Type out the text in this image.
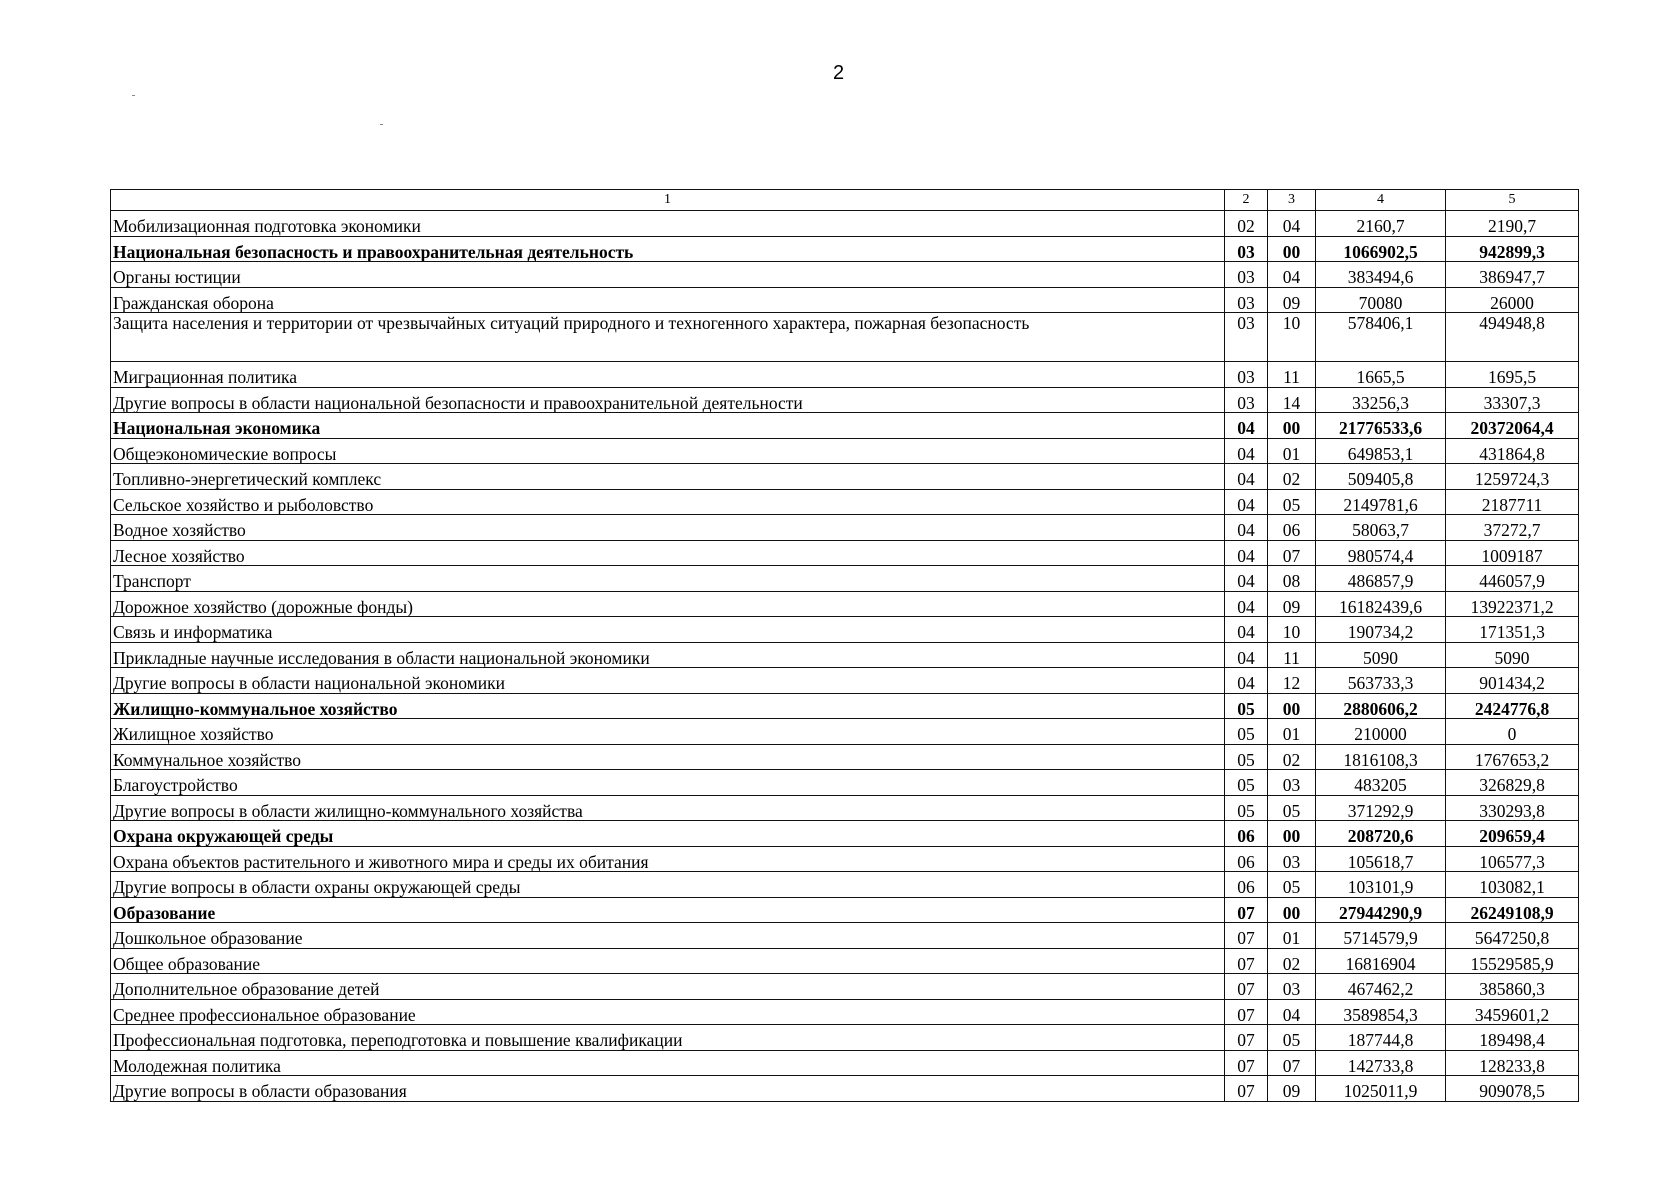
2
1	2	3	4	5
Мобилизационная подготовка экономики	02	04	2160,7	2190,7
Национальная безопасность и правоохранительная деятельность	03	00	1066902,5	942899,3
Органы юстиции	03	04	383494,6	386947,7
Гражданская оборона	03	09	70080	26000
Защита населения и территории от чрезвычайных ситуаций природного и техногенного характера, пожарная безопасность	03	10	578406,1	494948,8
Миграционная политика	03	11	1665,5	1695,5
Другие вопросы в области национальной безопасности и правоохранительной деятельности	03	14	33256,3	33307,3
Национальная экономика	04	00	21776533,6	20372064,4
Общеэкономические вопросы	04	01	649853,1	431864,8
Топливно-энергетический комплекс	04	02	509405,8	1259724,3
Сельское хозяйство и рыболовство	04	05	2149781,6	2187711
Водное хозяйство	04	06	58063,7	37272,7
Лесное хозяйство	04	07	980574,4	1009187
Транспорт	04	08	486857,9	446057,9
Дорожное хозяйство (дорожные фонды)	04	09	16182439,6	13922371,2
Связь и информатика	04	10	190734,2	171351,3
Прикладные научные исследования в области национальной экономики	04	11	5090	5090
Другие вопросы в области национальной экономики	04	12	563733,3	901434,2
Жилищно-коммунальное хозяйство	05	00	2880606,2	2424776,8
Жилищное хозяйство	05	01	210000	0
Коммунальное хозяйство	05	02	1816108,3	1767653,2
Благоустройство	05	03	483205	326829,8
Другие вопросы в области жилищно-коммунального хозяйства	05	05	371292,9	330293,8
Охрана окружающей среды	06	00	208720,6	209659,4
Охрана объектов растительного и животного мира и среды их обитания	06	03	105618,7	106577,3
Другие вопросы в области охраны окружающей среды	06	05	103101,9	103082,1
Образование	07	00	27944290,9	26249108,9
Дошкольное образование	07	01	5714579,9	5647250,8
Общее образование	07	02	16816904	15529585,9
Дополнительное образование детей	07	03	467462,2	385860,3
Среднее профессиональное образование	07	04	3589854,3	3459601,2
Профессиональная подготовка, переподготовка и повышение квалификации	07	05	187744,8	189498,4
Молодежная политика	07	07	142733,8	128233,8
Другие вопросы в области образования	07	09	1025011,9	909078,5
